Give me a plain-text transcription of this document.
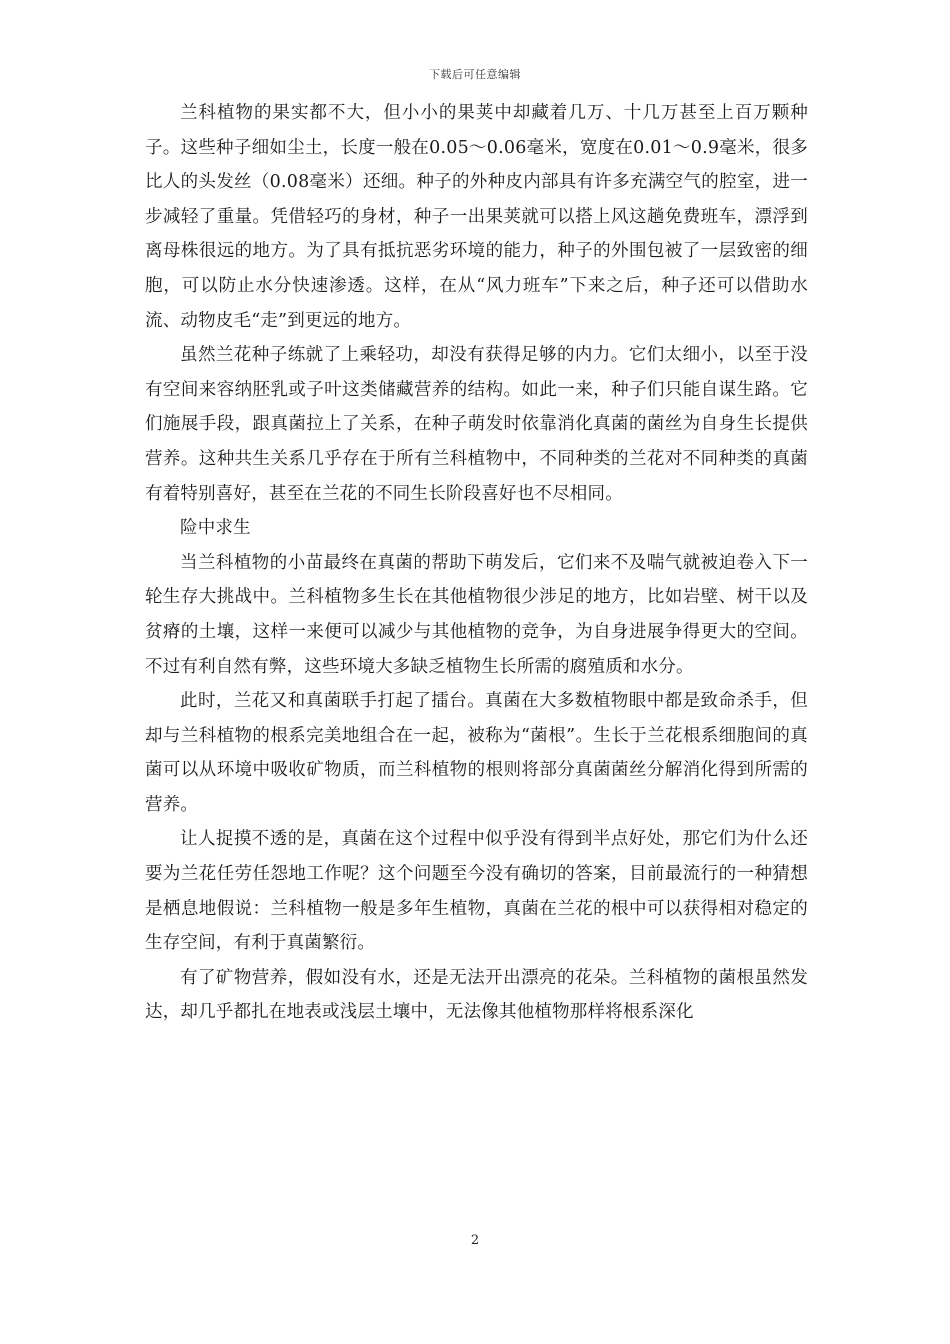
下载后可任意编辑

兰科植物的果实都不大，但小小的果荚中却藏着几万、十几万甚至上百万颗种子。这些种子细如尘土，长度一般在0.05～0.06毫米，宽度在0.01～0.9毫米，很多比人的头发丝（0.08毫米）还细。种子的外种皮内部具有许多充满空气的腔室，进一步减轻了重量。凭借轻巧的身材，种子一出果荚就可以搭上风这趟免费班车，漂浮到离母株很远的地方。为了具有抵抗恶劣环境的能力，种子的外围包被了一层致密的细胞，可以防止水分快速渗透。这样，在从“风力班车”下来之后，种子还可以借助水流、动物皮毛“走”到更远的地方。

虽然兰花种子练就了上乘轻功，却没有获得足够的内力。它们太细小，以至于没有空间来容纳胚乳或子叶这类储藏营养的结构。如此一来，种子们只能自谋生路。它们施展手段，跟真菌拉上了关系，在种子萌发时依靠消化真菌的菌丝为自身生长提供营养。这种共生关系几乎存在于所有兰科植物中，不同种类的兰花对不同种类的真菌有着特别喜好，甚至在兰花的不同生长阶段喜好也不尽相同。

险中求生

当兰科植物的小苗最终在真菌的帮助下萌发后，它们来不及喘气就被迫卷入下一轮生存大挑战中。兰科植物多生长在其他植物很少涉足的地方，比如岩壁、树干以及贫瘠的土壤，这样一来便可以减少与其他植物的竞争，为自身进展争得更大的空间。不过有利自然有弊，这些环境大多缺乏植物生长所需的腐殖质和水分。

此时，兰花又和真菌联手打起了擂台。真菌在大多数植物眼中都是致命杀手，但却与兰科植物的根系完美地组合在一起，被称为“菌根”。生长于兰花根系细胞间的真菌可以从环境中吸收矿物质，而兰科植物的根则将部分真菌菌丝分解消化得到所需的营养。

让人捉摸不透的是，真菌在这个过程中似乎没有得到半点好处，那它们为什么还要为兰花任劳任怨地工作呢？这个问题至今没有确切的答案，目前最流行的一种猜想是栖息地假说：兰科植物一般是多年生植物，真菌在兰花的根中可以获得相对稳定的生存空间，有利于真菌繁衍。

有了矿物营养，假如没有水，还是无法开出漂亮的花朵。兰科植物的菌根虽然发达，却几乎都扎在地表或浅层土壤中，无法像其他植物那样将根系深化

2
